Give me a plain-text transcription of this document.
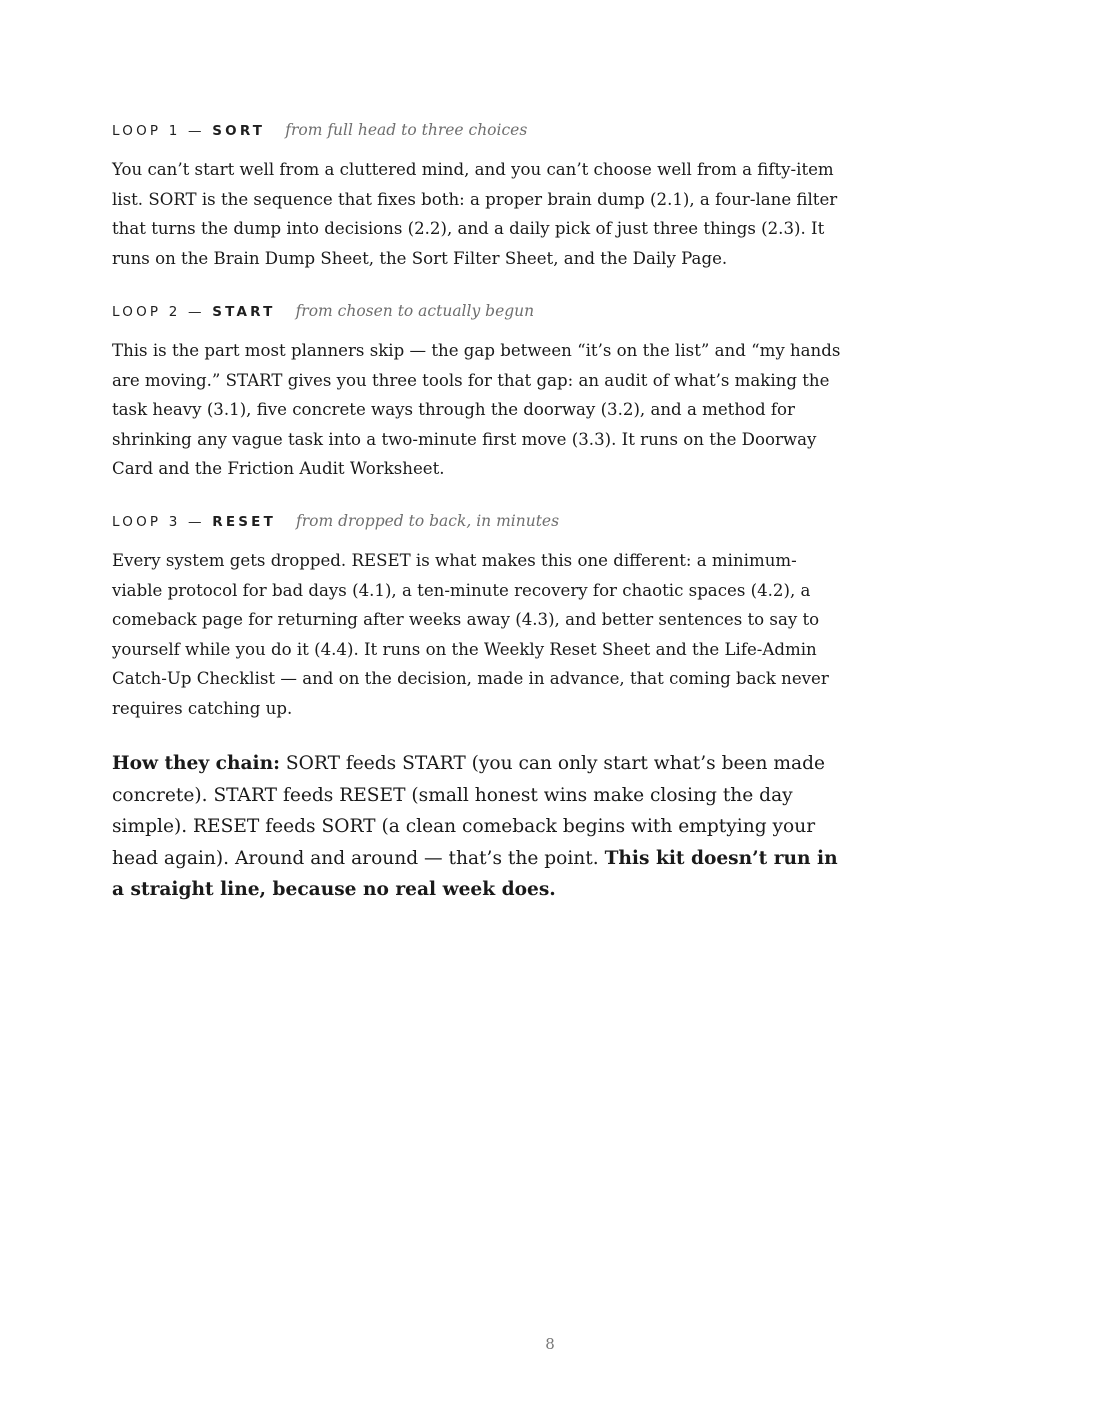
LOOP 1 — SORT from full head to three choices

You can’t start well from a cluttered mind, and you can’t choose well from a fifty-item list. SORT is the sequence that fixes both: a proper brain dump (2.1), a four-lane filter that turns the dump into decisions (2.2), and a daily pick of just three things (2.3). It runs on the Brain Dump Sheet, the Sort Filter Sheet, and the Daily Page.

LOOP 2 — START from chosen to actually begun

This is the part most planners skip — the gap between “it’s on the list” and “my hands are moving.” START gives you three tools for that gap: an audit of what’s making the task heavy (3.1), five concrete ways through the doorway (3.2), and a method for shrinking any vague task into a two-minute first move (3.3). It runs on the Doorway Card and the Friction Audit Worksheet.

LOOP 3 — RESET from dropped to back, in minutes

Every system gets dropped. RESET is what makes this one different: a minimum-viable protocol for bad days (4.1), a ten-minute recovery for chaotic spaces (4.2), a comeback page for returning after weeks away (4.3), and better sentences to say to yourself while you do it (4.4). It runs on the Weekly Reset Sheet and the Life-Admin Catch-Up Checklist — and on the decision, made in advance, that coming back never requires catching up.

How they chain: SORT feeds START (you can only start what’s been made concrete). START feeds RESET (small honest wins make closing the day simple). RESET feeds SORT (a clean comeback begins with emptying your head again). Around and around — that’s the point. This kit doesn’t run in a straight line, because no real week does.

8
